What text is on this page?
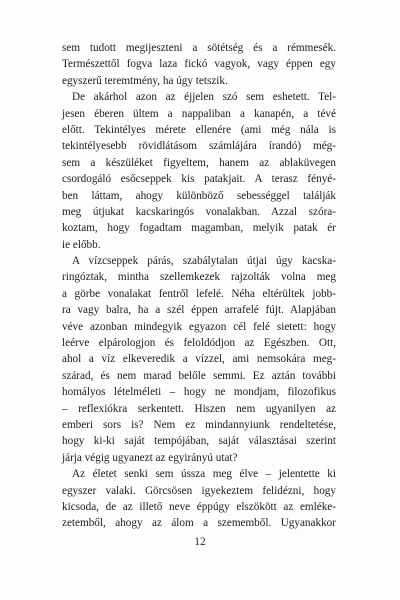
sem tudott megijeszteni a sötétség és a rémmesék.
Természettől fogva laza fickó vagyok, vagy éppen egy
egyszerű teremtmény, ha úgy tetszik.
De akárhol azon az éjjelen szó sem eshetett. Tel-
jesen éberen ültem a nappaliban a kanapén, a tévé
előtt. Tekintélyes mérete ellenére (ami még nála is
tekintélyesebb rövidlátásom számlájára írandó) még-
sem a készüléket figyeltem, hanem az ablaküvegen
csordogáló esőcseppek kis patakjait. A terasz fényé-
ben láttam, ahogy különböző sebességgel találják
meg útjukat kacskaringós vonalakban. Azzal szóra-
koztam, hogy fogadtam magamban, melyik patak ér
ie előbb.
A vízcseppek párás, szabálytalan útjai úgy kacska-
ringóztak, mintha szellemkezek rajzolták volna meg
a görbe vonalakat fentről lefelé. Néha eltérültek jobb-
ra vagy balra, ha a szél éppen arrafelé fújt. Alapjában
véve azonban mindegyik egyazon cél felé sietett: hogy
leérve elpárologjon és feloldódjon az Egészben. Ott,
ahol a víz elkeveredik a vízzel, ami nemsokára meg-
szárad, és nem marad belőle semmi. Ez aztán további
homályos lételméleti – hogy ne mondjam, filozofikus
– reflexiókra serkentett. Hiszen nem ugyanilyen az
emberi sors is? Nem ez mindannyiunk rendeltetése,
hogy ki-ki saját tempójában, saját választásai szerint
járja végig ugyanezt az egyirányú utat?
Az életet senki sem ússza meg élve – jelentette ki
egyszer valaki. Görcsösen igyekeztem felidézni, hogy
kicsoda, de az illető neve éppúgy elszökött az emléke-
zetemből, ahogy az álom a szememből. Ugyanakkor
12
